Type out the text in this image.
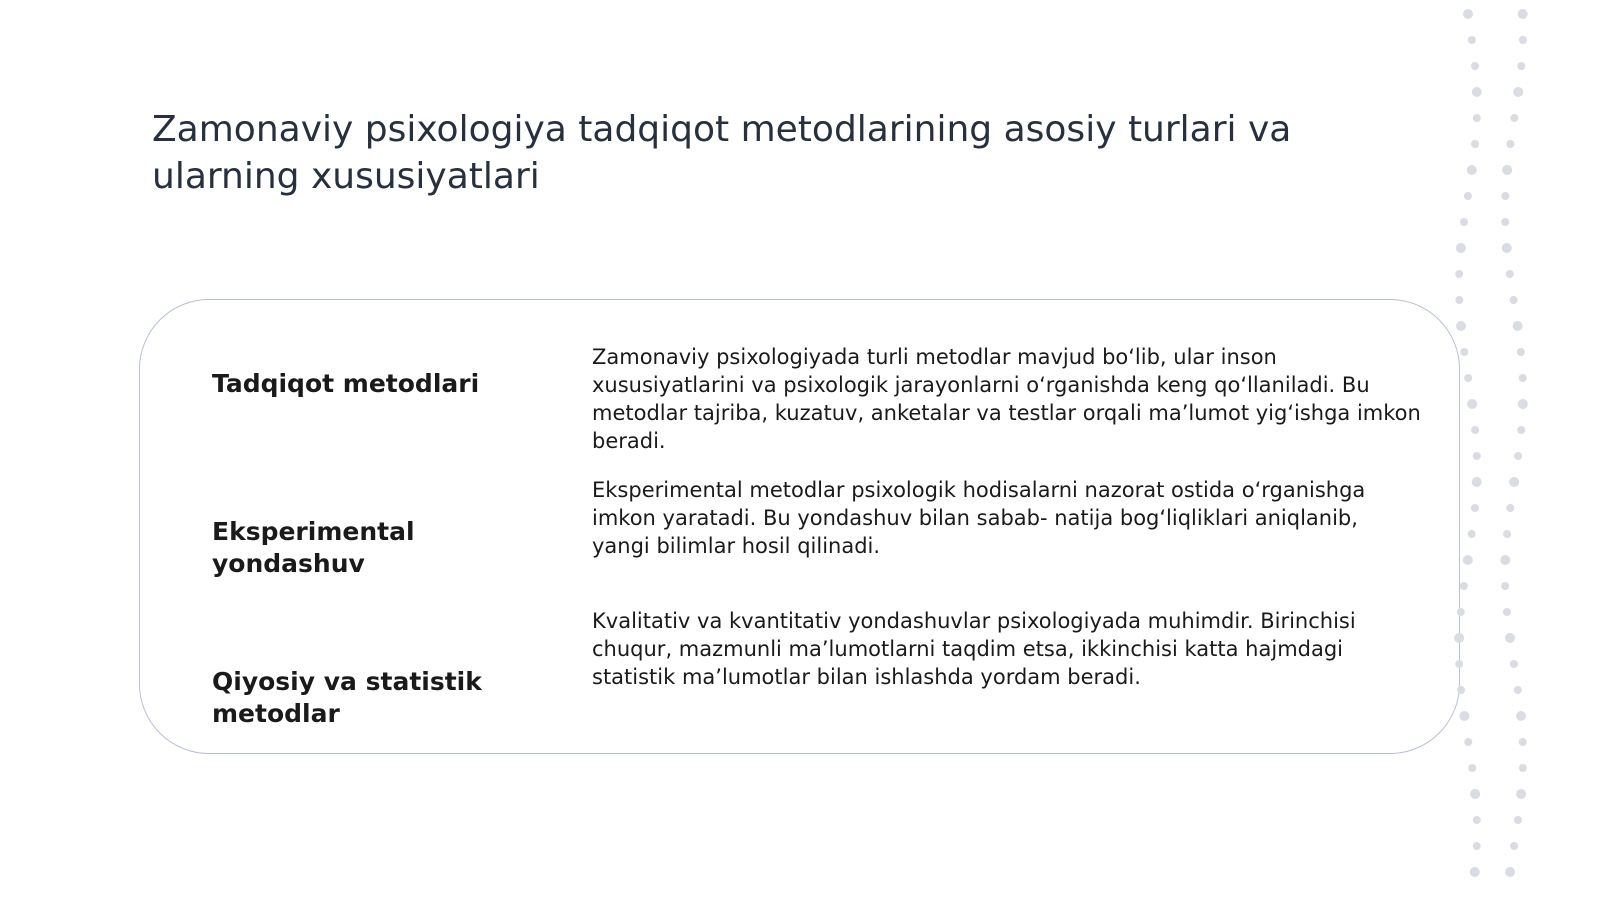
Zamonaviy psixologiya tadqiqot metodlarining asosiy turlari va ularning xususiyatlari
Tadqiqot metodlari

Zamonaviy psixologiyada turli metodlar mavjud bo‘lib, ular inson xususiyatlarini va psixologik jarayonlarni o‘rganishda keng qo‘llaniladi. Bu metodlar tajriba, kuzatuv, anketalar va testlar orqali ma’lumot yig‘ishga imkon beradi.

Eksperimental yondashuv

Eksperimental metodlar psixologik hodisalarni nazorat ostida o‘rganishga imkon yaratadi. Bu yondashuv bilan sabab- natija bog‘liqliklari aniqlanib, yangi bilimlar hosil qilinadi.

Qiyosiy va statistik metodlar

Kvalitativ va kvantitativ yondashuvlar psixologiyada muhimdir. Birinchisi chuqur, mazmunli ma’lumotlarni taqdim etsa, ikkinchisi katta hajmdagi statistik ma’lumotlar bilan ishlashda yordam beradi.
